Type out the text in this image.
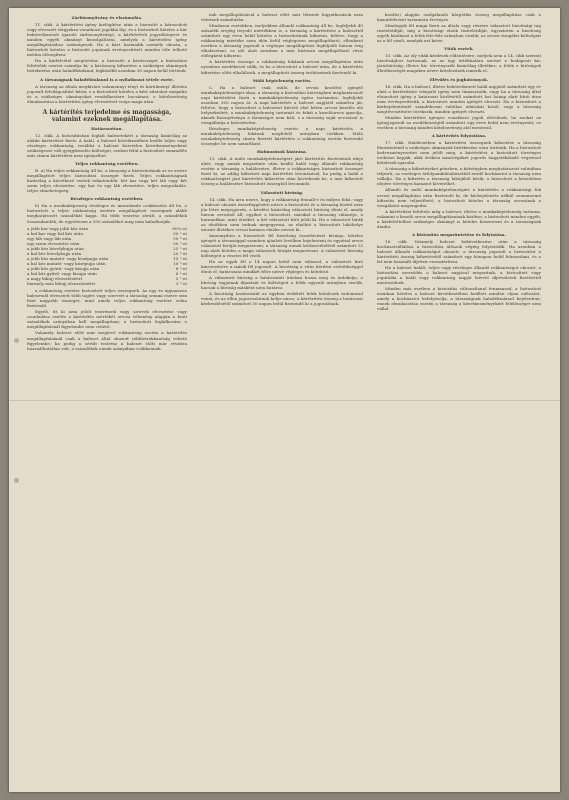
Zárbizonyítvány és elszámolás.
11. cikk. A kártérítési igény kielégítése után a biztosító a károsodott vagy elveszett tárgyakra vonatkozó jogokba lép, és a biztosított köteles a kár bekövetkezését igazoló zárbizonyítványt, a kárfelvételi jegyzőkönyvet és minden egyéb okmányt kiszolgáltatni, amelyek a kártérítési igény megállapításához szükségesek. Ha a kárt harmadik személy okozta, a biztosított köteles a biztosító jogainak érvényesítését minden tőle telhető módon elősegíteni.
Ha a kárfelvétel megtörtént, a biztosító a kárösszeget a biztosítási feltételek szerint számítja ki; a kárösszeg kifizetése a szükséges okmányok beérkezése után haladéktalanul, legkésőbb azonban 30 napon belül történik.
A társaságnak haladéktalanul is a nyilatkozat tétele esete.
A társaság az általa megkívánt valamennyi tényt és körülményt illetően jogosult felvilágosítást kérni, s a biztosított köteles a kért adatokat megadni és a szükséges okmányokat rendelkezésre bocsátani; e kötelezettség elmulasztása a kártérítési igény elvesztését vonja maga után.
A kártérítés terjedelme és magassága, valamint ezeknek megállapítása.
Határozottan.
12. cikk. A biztosításban foglalt balesetekért a társaság kizárólag az alábbi kártérítést fizeti: A halál, a baleset következtében beálló teljes vagy részleges rokkantság, továbbá a baleset közvetlen következményeként szükségessé vált gyógykezelés költségei; ezeken felül a biztosított semmiféle más címen kártérítést nem igényelhet.
Teljes rokkantság esetében.
B. a) Ha teljes rokkantság áll be, a társaság a biztosítottnak az ez esetre megállapított teljes biztosítási összeget fizeti. Teljes rokkantságnak kizárólag a következő esetek tekintendők: két kar vagy két láb vagy két szem teljes elvesztése, egy kar és egy láb elvesztése, teljes megvakulás, teljes elmebetegség.
Részleges rokkantság esetében.
b) Ha a munkaképesség részleges és maradandó csökkenése áll be, a biztosított a teljes rokkantság esetére megállapított összegnek alább meghatározott százalékát kapja. Ha több testrész sérült, a százalékok összeadandók, de együttesen a 100 százalékot meg nem haladhatják:
a jobb kar vagy jobb kéz után	60%-ot
a bal kar vagy bal kéz után	50 "-ot
egy láb vagy láb után	50 "-ot
egy szem elvesztése után	30 "-ot
a jobb kéz hüvelykujja után	25 "-ot
a bal kéz hüvelykujja után	20 "-ot
a jobb kéz mutató- vagy középujja után	15 "-ot
a bal kéz mutató- vagy középujja után	10 "-ot
a jobb kéz gyűrű- vagy kisujja után	8 "-ot
a bal kéz gyűrű- vagy kisujja után	6 "-ot
a nagy lábujj elvesztéséért	5 "-ot
bármely más lábujj elvesztéséért	3 "-ot
a rokkantság esetére biztosított teljes összegnek. Az egy és ugyanazon balesetnél elvesztett több tagért vagy szervért a társaság semmi esetre sem fizet nagyobb összeget, mint amely teljes rokkantság esetére volna fizetendő.
Egyéb, itt ki nem jelölt testrészek vagy szervek elvesztése vagy csonkulása esetén a kártérítés mértékét orvosi vélemény alapján a fenti százalékok arányában kell megállapítani; a biztosított foglalkozása a megállapításnál figyelembe nem vehető.
Valamely baleset előtt már meglevő rokkantság esetén a kártérítés megállapításánál csak a baleset által okozott többletrokkantság vehető figyelembe; ha pedig a sérült testrész a baleset előtt már részben használhatatlan volt, a százalékok ennek arányában csökkennek.
nak megállapításával a baleset előtt már létezett fogyatkozások nem vétetnek számításba.
Mindazon esetekben, melyekben állandó rokkantság áll be, legfeljebb 40 százalék erejéig terjedő mértékben is, a társaság a kártérítést a balesettől számított egy éven belül köteles a biztosítottnak kifizetni, feltéve, hogy a rokkantság mértéke ezen időn belül véglegesen megállapítható; ellenkező esetben a társaság jogosult a végleges megállapítást legfeljebb három évig elhalasztani, ez idő alatt azonban a már biztosan megállapítható részt előlegként kifizetni.
A kártérítés összege a rokkantság fokának orvosi megállapítása után nyomban esedékessé válik, és ha a biztosított a baleset után, de a kártérítés kifizetése előtt elhalálozik, a megállapított összeg örököseinek fizetendő ki.
Múló képtelenség esetén.
C. Ha a baleset csak múló, de orvosi kezelést igénylő munkaképtelenséget okoz, a társaság a biztosítási kötvényben meghatározott napi kártérítést fizeti a munkaképtelenség egész tartamára, legfeljebb azonban 300 napon át. A napi kártérítés a baleset napjától számítva jár, feltéve, hogy a biztosított a balesetet követő első héten orvosi kezelés alá helyezkedett; a munkaképtelenség tartamát és fokát a kezelőorvos igazolja, akinek bizonyítványa a társaságot nem köti, s a társaság saját orvosával is vizsgálhatja a biztosítottat.
Részleges munkaképtelenség esetén a napi kártérítés a munkaképtelenség fokának megfelelő arányban csökken. Múló munkaképtelenség címén fizetett kártérítés a rokkantság esetén fizetendő összegbe be nem számítható.
Halmozások kizárása.
13. cikk. A múló munkaképtelenségért járó kártérítés fizetésének ideje alatt, vagy annak megszűnte után beálló halál vagy állandó rokkantság esetén a társaság a halálesetre, illetve a rokkantságra biztosított összeget fizeti ki, az addig kifizetett napi kártérítés levonásával, ha pedig a halál a rokkantságért járó kártérítés kifizetése után következik be, a már kifizetett összeg a halálesetre biztosított összegből levonandó.
Választott bíróság.
14. cikk. Ha arra nézve, hogy a rokkantság fennáll-e és milyen fokú, vagy a baleset okozati összefüggésére nézve a biztosított és a társaság között nem jön létre megegyezés, a kérdést kizárólag választott bíróság dönti el, amely három orvosból áll; egyiket a biztosított, másikat a társaság választja, a harmadikat, mint elnököt, a két választott bíró jelöli ki. Ha a választott bírák az elnökben nem tudnak megegyezni, az elnököt a biztosított lakóhelye szerint illetékes orvosi kamara elnöke nevezi ki.
Amennyiben a biztosított fél bizottság összehívását kívánja, köteles igényét a társasággal szemben ajánlott levélben bejelenteni és egyúttal orvos választott bíróját megnevezni; a társaság ennek kézhezvételétől számított 15 nap alatt köteles a maga választott bíráját megnevezni. A választott bíróság költségeit a vesztes fél viseli.
Ha az egyik fél a 14 napon belül nem válaszol, a választott bíró kinevezésére a másik fél jogosult. A bizottság a vitás kérdést szótöbbséggel dönti el; határozata mindkét félre nézve végleges és kötelező.
A választott bíróság a határozatát írásban hozza meg és indokolja; a bíróság tagjainak díjazását és költségeit a felek egyenlő arányban viselik, hacsak a bíróság másként nem határoz.
A bizottság határozatát az ügyben érdekelt felek kötelesek tudomásul venni, és az ellen jogorvoslatnak helye nincs; a kártérítési összeg a határozat kézbesítésétől számított 30 napon belül fizetendő ki a jogosultnak.
kezdés) alapján szolgálandó kárpótlás összeg megállapítása csak a kamatfelvezet tartamára érvényes.
Mindegyik fél maga fizeti az általa vagy részére választott bizottsági tag tiszteletdíját, míg a bizottsági elnök tiszteletdíját, úgyszintén a bizottság egyéb kiadásait a felek fele-fele arányban viselik; az orvosi vizsgálat költségeit az a fél viseli, amelyik azt kérte.
Viták esetek.
15. cikk. Az oly viták kérdések eldöntésére, melyek nem a 14. cikk szerinti bizottsághoz tartoznak, az az ügy értékhatára szerint a budapesti kir. járásbíróság, illetve kir. törvényszék kizárólag illetékes; a felek e bíróságok illetékességét magukra nézve kötelezőnek ismerik el.
Elévülés és joghátrányok.
16. cikk. Ha a baleset, illetve bekövetkezett halál napjától számított egy év alatt a kártérítésre irányuló igény nem támasztatik, vagy ha a társaság által elutasított igény a határozat közlésétől számított hat hónap alatt bírói úton nem érvényesíttetik, a biztosított minden igényét elveszti. Ha a biztosított a kárbejelentésnél szándékosan valótlan adatokat közöl, vagy a társaság megtévesztésére törekszik, minden igényét elveszti.
Minden kártérítési igényre vonatkozó jogok elévülnek, ha azokat az igényjogosult az esedékességtől számított egy éven belül nem érvényesíti; ez esetben a társaság minden kötelezettség alól mentesül.
A kártérítés folyósítása.
17. cikk. Halálesetben a kártérítési összegnek kifizetése a társaság főintézeténél a szükséges okmányok beérkezése után történik. Ha a biztosított kedvezményezettet nem jelölt meg, a kártérítést a biztosított törvényes örökösei kapják, akik örökösi minőségüket jogerős hagyatékátadó végzéssel kötelesek igazolni.
A társaság a kifizetéseket pénzben, a kötvényben meghatározott valutában teljesíti; az esetleges árfolyamkülönbözetből eredő kockázatot a társaság nem vállalja. Ha a kifizetés a társaság hibájából késik, a biztosított a késedelem idejére törvényes kamatot követelhet.
Állandó és múló munkaképtelenségért a kártérítés a rokkantsági fok orvosi megállapítása után fizetendő ki, de kárbejelentés nélkül semminemű kifizetés nem teljesíthető; a biztosított köteles a társaság orvosának a vizsgálatot megengedni.
A kártérítési feltétele még a baleset, illetve a munkaképtelenség tartama, valamint a kezelő orvos megállapításainak közlése; a biztosított minden egyéb, a kárfelvételhez szükséges okmányt is köteles beszerezni és a társaságnak átadni.
A biztosítás megszüntetése és folytatása.
18. cikk. Valamely baleset bekövetkezése után a társaság kockázatvállalása a biztosítási időszak végéig folytatódik. Ha azonban a baleset állandó rokkantságot okozott, a társaság jogosult a biztosítást a kártérítési összeg kifizetésétől számított egy hónapon belül felmondani, és a fel nem használt díjrészt visszatéríteni.
Ha a baleset halált, teljes vagy részleges állandó rokkantságot okozott, a biztosítási szerződés a baleset napjával megszűnik; a biztosított vagy jogutódai a halál vagy rokkantság napját követő díjrészletek fizetésétől mentesülnek.
Minden más esetben a biztosítás változatlanul fennmarad, a biztosított azonban köteles a baleset következtében beállott minden olyan változást, amely a kockázatot befolyásolja, a társaságnak haladéktalanul bejelenteni; ennek elmulasztása esetén a társaság a következményekért felelősséget nem vállal.
